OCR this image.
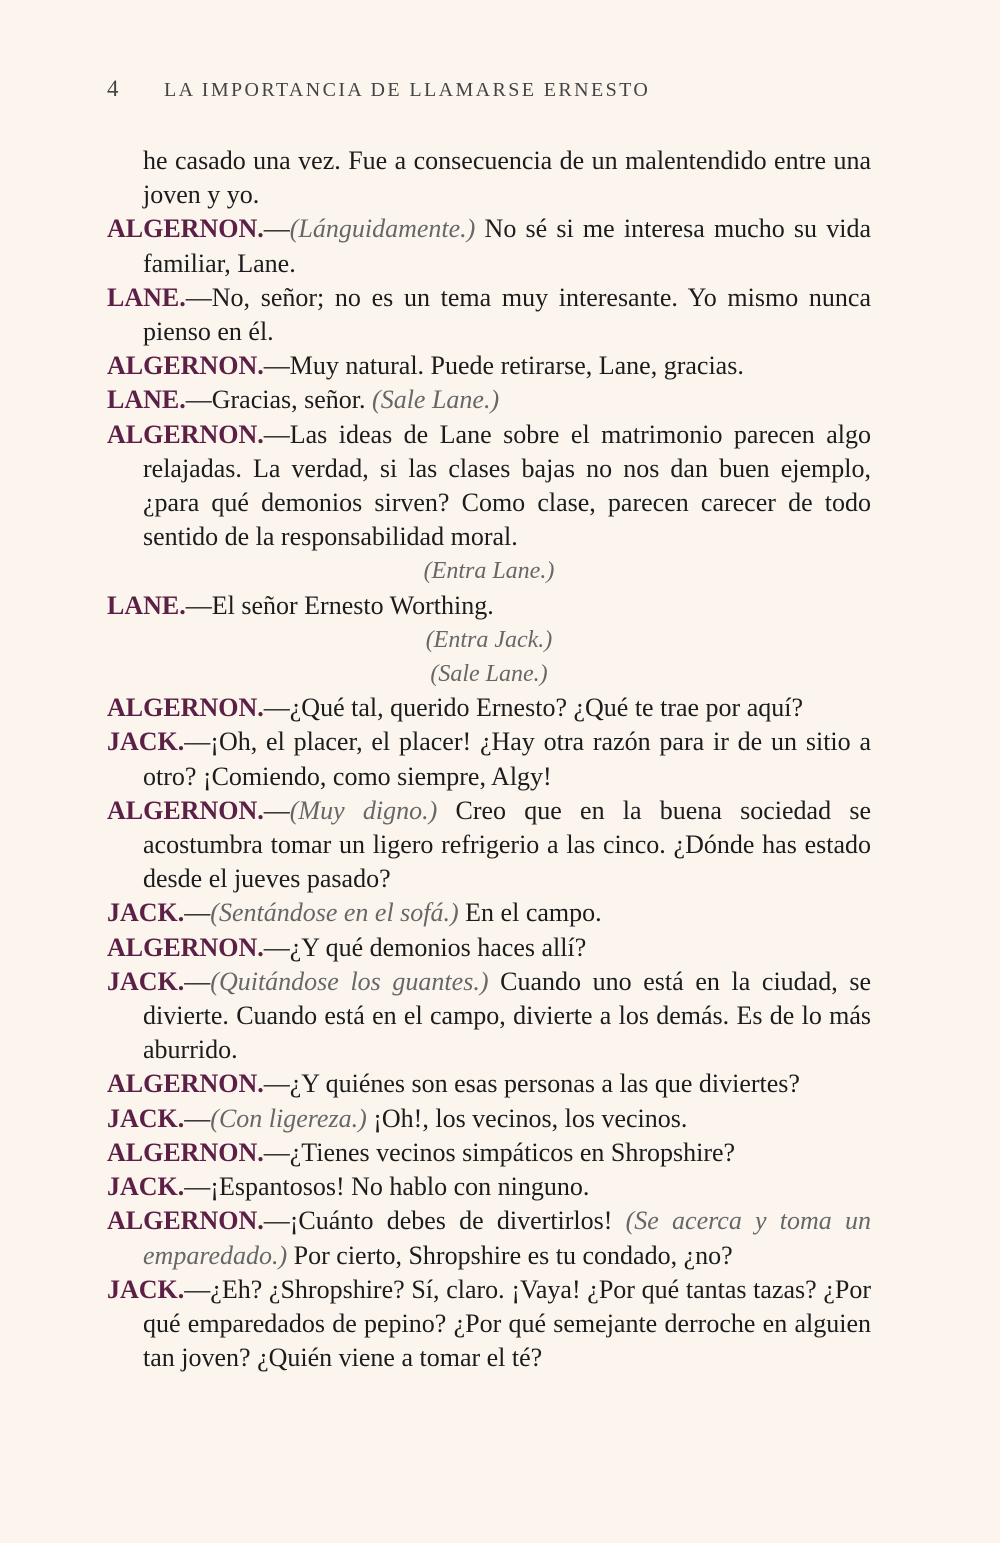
4	LA IMPORTANCIA DE LLAMARSE ERNESTO

he casado una vez. Fue a consecuencia de un malentendido entre una joven y yo.

ALGERNON.—(Lánguidamente.) No sé si me interesa mucho su vida familiar, Lane.

LANE.—No, señor; no es un tema muy interesante. Yo mismo nunca pienso en él.

ALGERNON.—Muy natural. Puede retirarse, Lane, gracias.

LANE.—Gracias, señor. (Sale Lane.)

ALGERNON.—Las ideas de Lane sobre el matrimonio parecen algo relajadas. La verdad, si las clases bajas no nos dan buen ejemplo, ¿para qué demonios sirven? Como clase, parecen carecer de todo sentido de la responsabilidad moral.

(Entra Lane.)

LANE.—El señor Ernesto Worthing.

(Entra Jack.)

(Sale Lane.)

ALGERNON.—¿Qué tal, querido Ernesto? ¿Qué te trae por aquí?

JACK.—¡Oh, el placer, el placer! ¿Hay otra razón para ir de un sitio a otro? ¡Comiendo, como siempre, Algy!

ALGERNON.—(Muy digno.) Creo que en la buena sociedad se acostumbra tomar un ligero refrigerio a las cinco. ¿Dónde has estado desde el jueves pasado?

JACK.—(Sentándose en el sofá.) En el campo.

ALGERNON.—¿Y qué demonios haces allí?

JACK.—(Quitándose los guantes.) Cuando uno está en la ciudad, se divierte. Cuando está en el campo, divierte a los demás. Es de lo más aburrido.

ALGERNON.—¿Y quiénes son esas personas a las que diviertes?

JACK.—(Con ligereza.) ¡Oh!, los vecinos, los vecinos.

ALGERNON.—¿Tienes vecinos simpáticos en Shropshire?

JACK.—¡Espantosos! No hablo con ninguno.

ALGERNON.—¡Cuánto debes de divertirlos! (Se acerca y toma un emparedado.) Por cierto, Shropshire es tu condado, ¿no?

JACK.—¿Eh? ¿Shropshire? Sí, claro. ¡Vaya! ¿Por qué tantas tazas? ¿Por qué emparedados de pepino? ¿Por qué semejante derroche en alguien tan joven? ¿Quién viene a tomar el té?
